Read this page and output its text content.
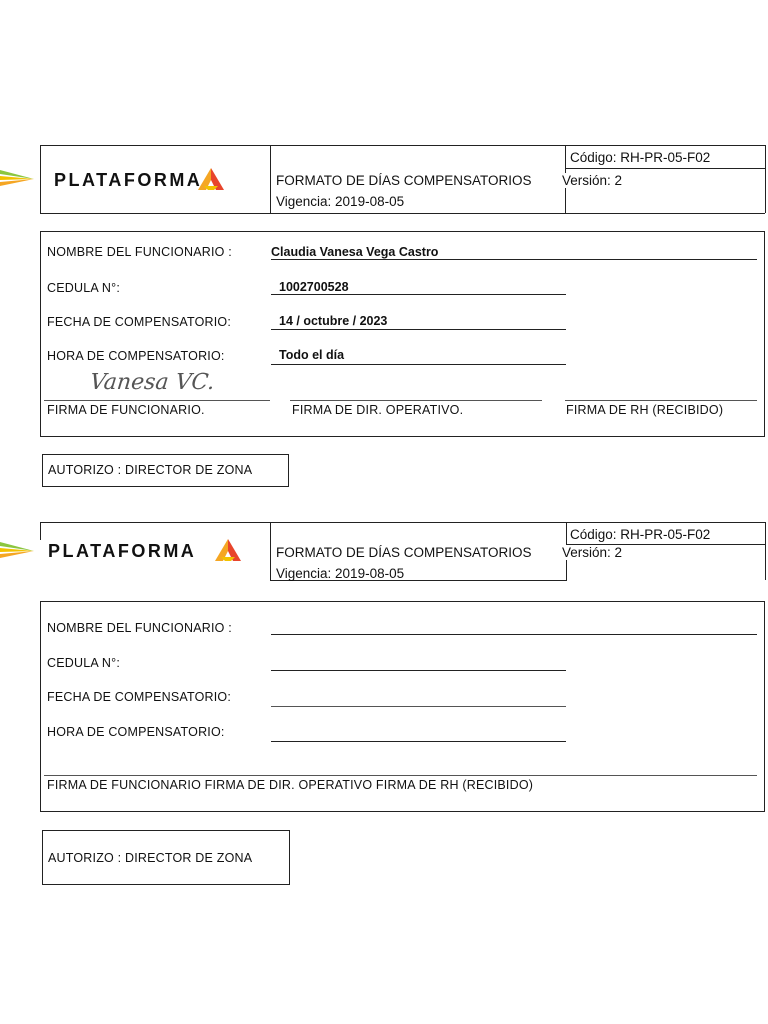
PLATAFORMA	FORMATO DE DÍAS COMPENSATORIOS Versión: 2
Vigencia: 2019-08-05
Código: RH-PR-05-F02
NOMBRE DEL FUNCIONARIO :	Claudia Vanesa Vega Castro
CEDULA N°:	1002700528
FECHA DE COMPENSATORIO:	14 / octubre / 2023
HORA DE COMPENSATORIO:	Todo el día
Vanesa VC.
FIRMA DE FUNCIONARIO.	FIRMA DE DIR. OPERATIVO.	FIRMA DE RH (RECIBIDO)
AUTORIZO : DIRECTOR DE ZONA
PLATAFORMA	FORMATO DE DÍAS COMPENSATORIOS Versión: 2
Vigencia: 2019-08-05
Código: RH-PR-05-F02
NOMBRE DEL FUNCIONARIO :
CEDULA N°:
FECHA DE COMPENSATORIO:
HORA DE COMPENSATORIO:
FIRMA DE FUNCIONARIO FIRMA DE DIR. OPERATIVO FIRMA DE RH (RECIBIDO)
AUTORIZO : DIRECTOR DE ZONA
